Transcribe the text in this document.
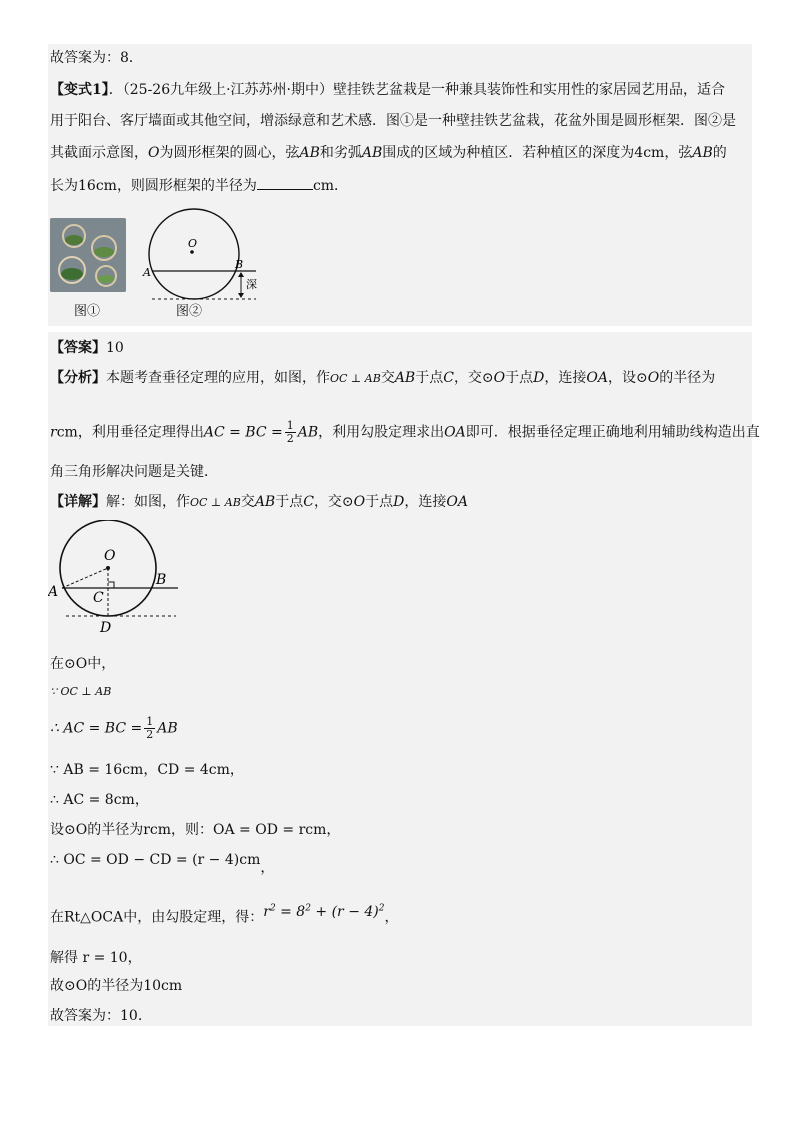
故答案为：8．
【变式1】．（25-26九年级上·江苏苏州·期中）壁挂铁艺盆栽是一种兼具装饰性和实用性的家居园艺用品，适合
用于阳台、客厅墙面或其他空间，增添绿意和艺术感．图①是一种壁挂铁艺盆栽，花盆外围是圆形框架．图②是
其截面示意图，O为圆形框架的圆心，弦AB和劣弧AB围成的区域为种植区．若种植区的深度为4cm，弦AB的
长为16cm，则圆形框架的半径为	cm．
图①
O
A
B
深
图②
【答案】10
【分析】本题考查垂径定理的应用，如图，作OC ⊥ AB交AB于点C，交⊙O于点D，连接OA，设⊙O的半径为
rcm，利用垂径定理得出AC = BC = $\frac{1}{2}$ AB，利用勾股定理求出OA即可．根据垂径定理正确地利用辅助线构造出直
角三角形解决问题是关键．
【详解】解：如图，作OC ⊥ AB交AB于点C，交⊙O于点D，连接OA
O
A
B
C
D
在⊙O中，
∵ OC ⊥ AB
∴ AC = BC = $\frac{1}{2}$ AB
∵ AB = 16cm，CD = 4cm，
∴ AC = 8cm，
设⊙O的半径为rcm，则：OA = OD = rcm，
∴ OC = OD − CD = (r − 4)cm，
在Rt△OCA中，由勾股定理，得：$r^2 = 8^2 + (r - 4)^2$，
解得 r = 10，
故⊙O的半径为10cm
故答案为：10.
